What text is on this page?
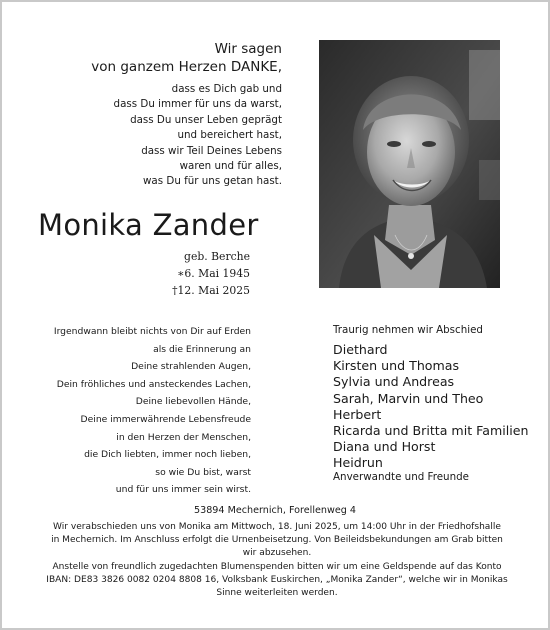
Wir sagen
von ganzem Herzen DANKE,
dass es Dich gab und
dass Du immer für uns da warst,
dass Du unser Leben geprägt
und bereichert hast,
dass wir Teil Deines Lebens
waren und für alles,
was Du für uns getan hast.
Monika Zander
geb. Berche
∗6. Mai 1945
†12. Mai 2025
Irgendwann bleibt nichts von Dir auf Erden
als die Erinnerung an
Deine strahlenden Augen,
Dein fröhliches und ansteckendes Lachen,
Deine liebevollen Hände,
Deine immerwährende Lebensfreude
in den Herzen der Menschen,
die Dich liebten, immer noch lieben,
so wie Du bist, warst
und für uns immer sein wirst.
Traurig nehmen wir Abschied
Diethard
Kirsten und Thomas
Sylvia und Andreas
Sarah, Marvin und Theo
Herbert
Ricarda und Britta mit Familien
Diana und Horst
Heidrun
Anverwandte und Freunde
53894 Mechernich, Forellenweg 4
Wir verabschieden uns von Monika am Mittwoch, 18. Juni 2025, um 14:00 Uhr in der Friedhofshalle
in Mechernich. Im Anschluss erfolgt die Urnenbeisetzung. Von Beileidsbekundungen am Grab bitten
wir abzusehen.
Anstelle von freundlich zugedachten Blumenspenden bitten wir um eine Geldspende auf das Konto
IBAN: DE83 3826 0082 0204 8808 16, Volksbank Euskirchen, „Monika Zander“, welche wir in Monikas
Sinne weiterleiten werden.
